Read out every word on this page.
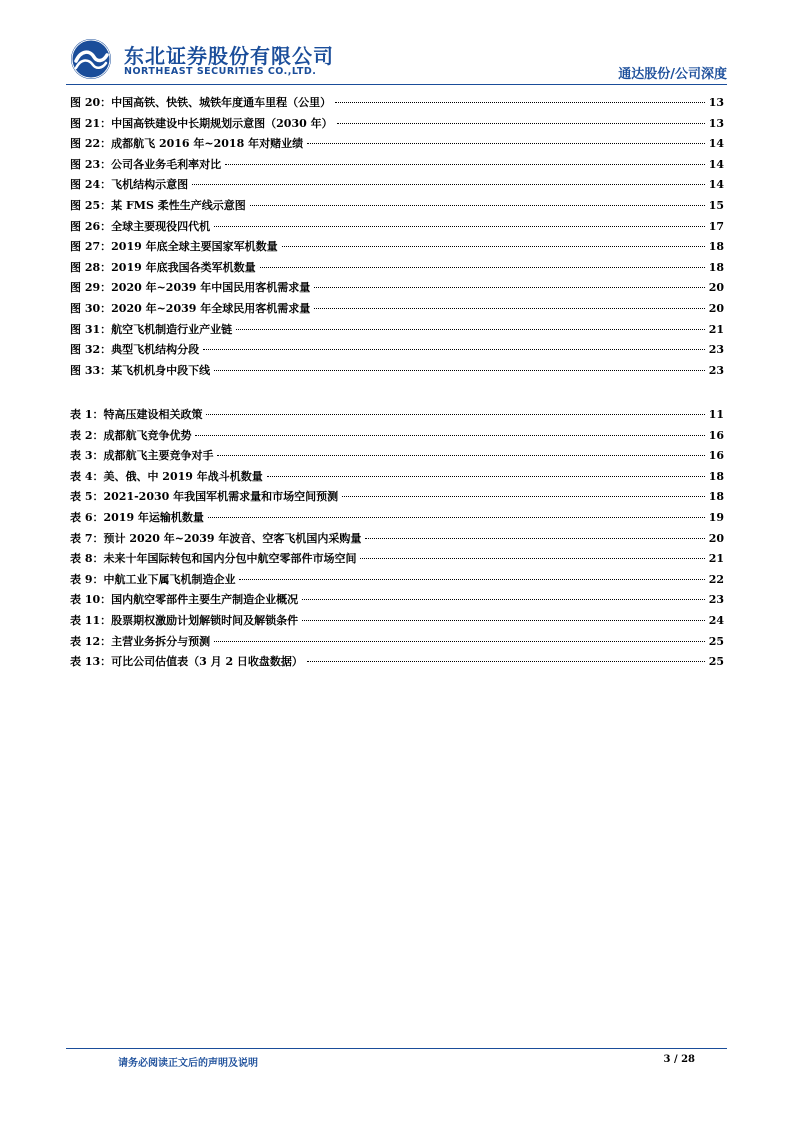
东北证券股份有限公司
NORTHEAST SECURITIES CO.,LTD.	通达股份/公司深度
图 20：中国高铁、快铁、城铁年度通车里程（公里）	13
图 21：中国高铁建设中长期规划示意图（2030 年）	13
图 22：成都航飞 2016 年~2018 年对赌业绩	14
图 23：公司各业务毛利率对比	14
图 24：飞机结构示意图	14
图 25：某 FMS 柔性生产线示意图	15
图 26：全球主要现役四代机	17
图 27：2019 年底全球主要国家军机数量	18
图 28：2019 年底我国各类军机数量	18
图 29：2020 年~2039 年中国民用客机需求量	20
图 30：2020 年~2039 年全球民用客机需求量	20
图 31：航空飞机制造行业产业链	21
图 32：典型飞机结构分段	23
图 33：某飞机机身中段下线	23
表 1：特高压建设相关政策	11
表 2：成都航飞竞争优势	16
表 3：成都航飞主要竞争对手	16
表 4：美、俄、中 2019 年战斗机数量	18
表 5：2021-2030 年我国军机需求量和市场空间预测	18
表 6：2019 年运输机数量	19
表 7：预计 2020 年~2039 年波音、空客飞机国内采购量	20
表 8：未来十年国际转包和国内分包中航空零部件市场空间	21
表 9：中航工业下属飞机制造企业	22
表 10：国内航空零部件主要生产制造企业概况	23
表 11：股票期权激励计划解锁时间及解锁条件	24
表 12：主营业务拆分与预测	25
表 13：可比公司估值表（3 月 2 日收盘数据）	25
请务必阅读正文后的声明及说明	3 / 28
